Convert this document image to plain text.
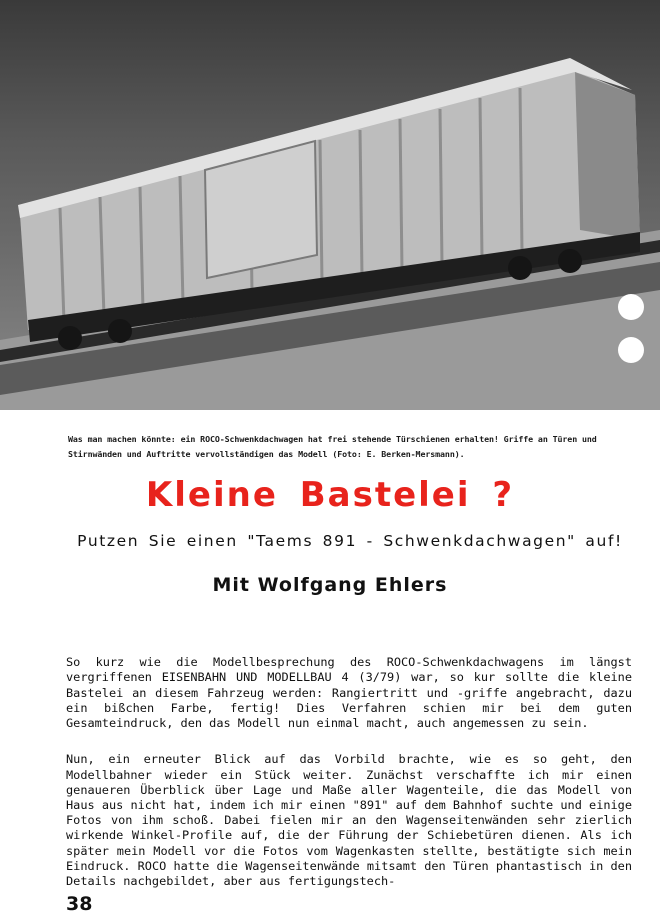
Was man machen könnte: ein ROCO-Schwenkdachwagen hat frei stehende Türschienen erhalten! Griffe an Türen und Stirnwänden und Auftritte vervollständigen das Modell (Foto: E. Berken-Mersmann).
Kleine Bastelei ?
Putzen Sie einen "Taems 891 - Schwenkdachwagen" auf!
Mit Wolfgang Ehlers

So kurz wie die Modellbesprechung des ROCO-Schwenkdachwagens im längst vergriffenen EISENBAHN UND MODELLBAU 4 (3/79) war, so kur sollte die kleine Bastelei an diesem Fahrzeug werden: Rangiertritt und -griffe angebracht, dazu ein bißchen Farbe, fertig! Dies Verfahren schien mir bei dem guten Gesamteindruck, den das Modell nun einmal macht, auch angemessen zu sein.

Nun, ein erneuter Blick auf das Vorbild brachte, wie es so geht, den Modellbahner wieder ein Stück weiter. Zunächst verschaffte ich mir einen genaueren Überblick über Lage und Maße aller Wagenteile, die das Modell von Haus aus nicht hat, indem ich mir einen "891" auf dem Bahnhof suchte und einige Fotos von ihm schoß. Dabei fielen mir an den Wagenseitenwänden sehr zierlich wirkende Winkel-Profile auf, die der Führung der Schiebetüren dienen. Als ich später mein Modell vor die Fotos vom Wagenkasten stellte, bestätigte sich mein Eindruck. ROCO hatte die Wagenseitenwände mitsamt den Türen phantastisch in den Details nachgebildet, aber aus fertigungstech-

38
